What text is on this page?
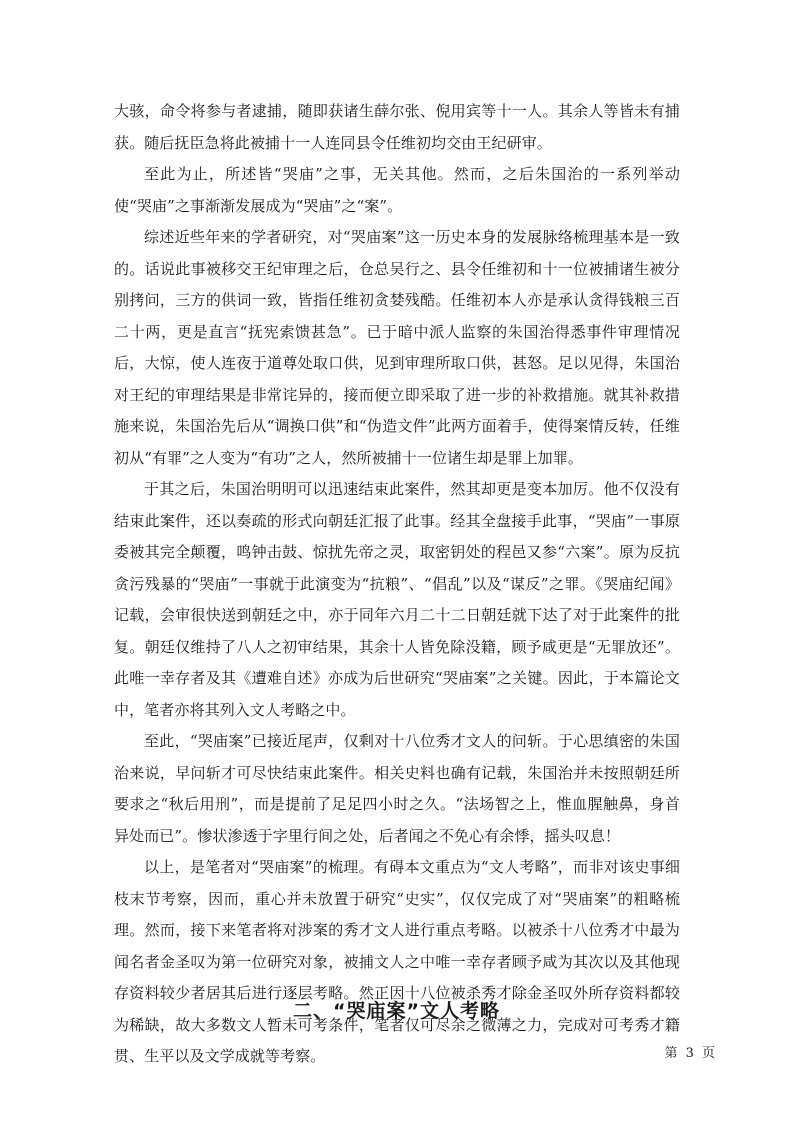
大骇，命令将参与者逮捕，随即获诸生薛尔张、倪用宾等十一人。其余人等皆未有捕获。随后抚臣急将此被捕十一人连同县令任维初均交由王纪研审。

至此为止，所述皆“哭庙”之事，无关其他。然而，之后朱国治的一系列举动使“哭庙”之事渐渐发展成为“哭庙”之“案”。

综述近些年来的学者研究，对“哭庙案”这一历史本身的发展脉络梳理基本是一致的。话说此事被移交王纪审理之后，仓总吴行之、县令任维初和十一位被捕诸生被分别拷问，三方的供词一致，皆指任维初贪婪残酷。任维初本人亦是承认贪得钱粮三百二十两，更是直言“抚宪索馈甚急”。已于暗中派人监察的朱国治得悉事件审理情况后，大惊，使人连夜于道尊处取口供，见到审理所取口供，甚怒。足以见得，朱国治对王纪的审理结果是非常诧异的，接而便立即采取了进一步的补救措施。就其补救措施来说，朱国治先后从“调换口供”和“伪造文件”此两方面着手，使得案情反转，任维初从“有罪”之人变为“有功”之人，然所被捕十一位诸生却是罪上加罪。

于其之后，朱国治明明可以迅速结束此案件，然其却更是变本加厉。他不仅没有结束此案件，还以奏疏的形式向朝廷汇报了此事。经其全盘接手此事，“哭庙”一事原委被其完全颠覆，鸣钟击鼓、惊扰先帝之灵，取密钥处的程邑又参“六案”。原为反抗贪污残暴的“哭庙”一事就于此演变为“抗粮”、“倡乱”以及“谋反”之罪。《哭庙纪闻》记载，会审很快送到朝廷之中，亦于同年六月二十二日朝廷就下达了对于此案件的批复。朝廷仅维持了八人之初审结果，其余十人皆免除没籍，顾予咸更是“无罪放还”。此唯一幸存者及其《遭难自述》亦成为后世研究“哭庙案”之关键。因此，于本篇论文中，笔者亦将其列入文人考略之中。

至此，“哭庙案”已接近尾声，仅剩对十八位秀才文人的问斩。于心思缜密的朱国治来说，早问斩才可尽快结束此案件。相关史料也确有记载，朱国治并未按照朝廷所要求之“秋后用刑”，而是提前了足足四小时之久。“法场智之上，惟血腥触鼻，身首异处而已”。惨状渗透于字里行间之处，后者闻之不免心有余悸，摇头叹息！

以上，是笔者对“哭庙案”的梳理。有碍本文重点为“文人考略”，而非对该史事细枝末节考察，因而，重心并未放置于研究“史实”，仅仅完成了对“哭庙案”的粗略梳理。然而，接下来笔者将对涉案的秀才文人进行重点考略。以被杀十八位秀才中最为闻名者金圣叹为第一位研究对象，被捕文人之中唯一幸存者顾予咸为其次以及其他现存资料较少者居其后进行逐层考略。然正因十八位被杀秀才除金圣叹外所存资料都较为稀缺，故大多数文人暂未可考条件，笔者仅可尽余之微薄之力，完成对可考秀才籍贯、生平以及文学成就等考察。

二、“哭庙案”文人考略
第 3 页
